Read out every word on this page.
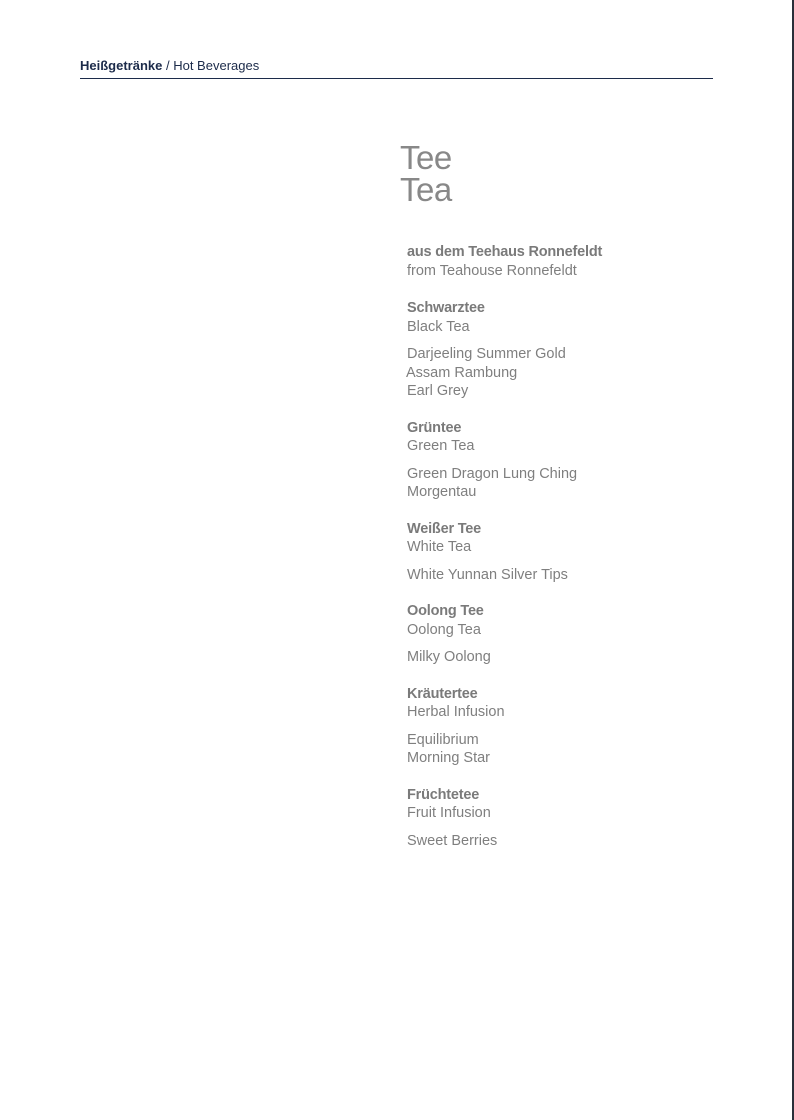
Heißgetränke / Hot Beverages
Tee
Tea
aus dem Teehaus Ronnefeldt
from Teahouse Ronnefeldt
Schwarztee
Black Tea
Darjeeling Summer Gold
Assam Rambung
Earl Grey
Grüntee
Green Tea
Green Dragon Lung Ching
Morgentau
Weißer Tee
White Tea
White Yunnan Silver Tips
Oolong Tee
Oolong Tea
Milky Oolong
Kräutertee
Herbal Infusion
Equilibrium
Morning Star
Früchtetee
Fruit Infusion
Sweet Berries
